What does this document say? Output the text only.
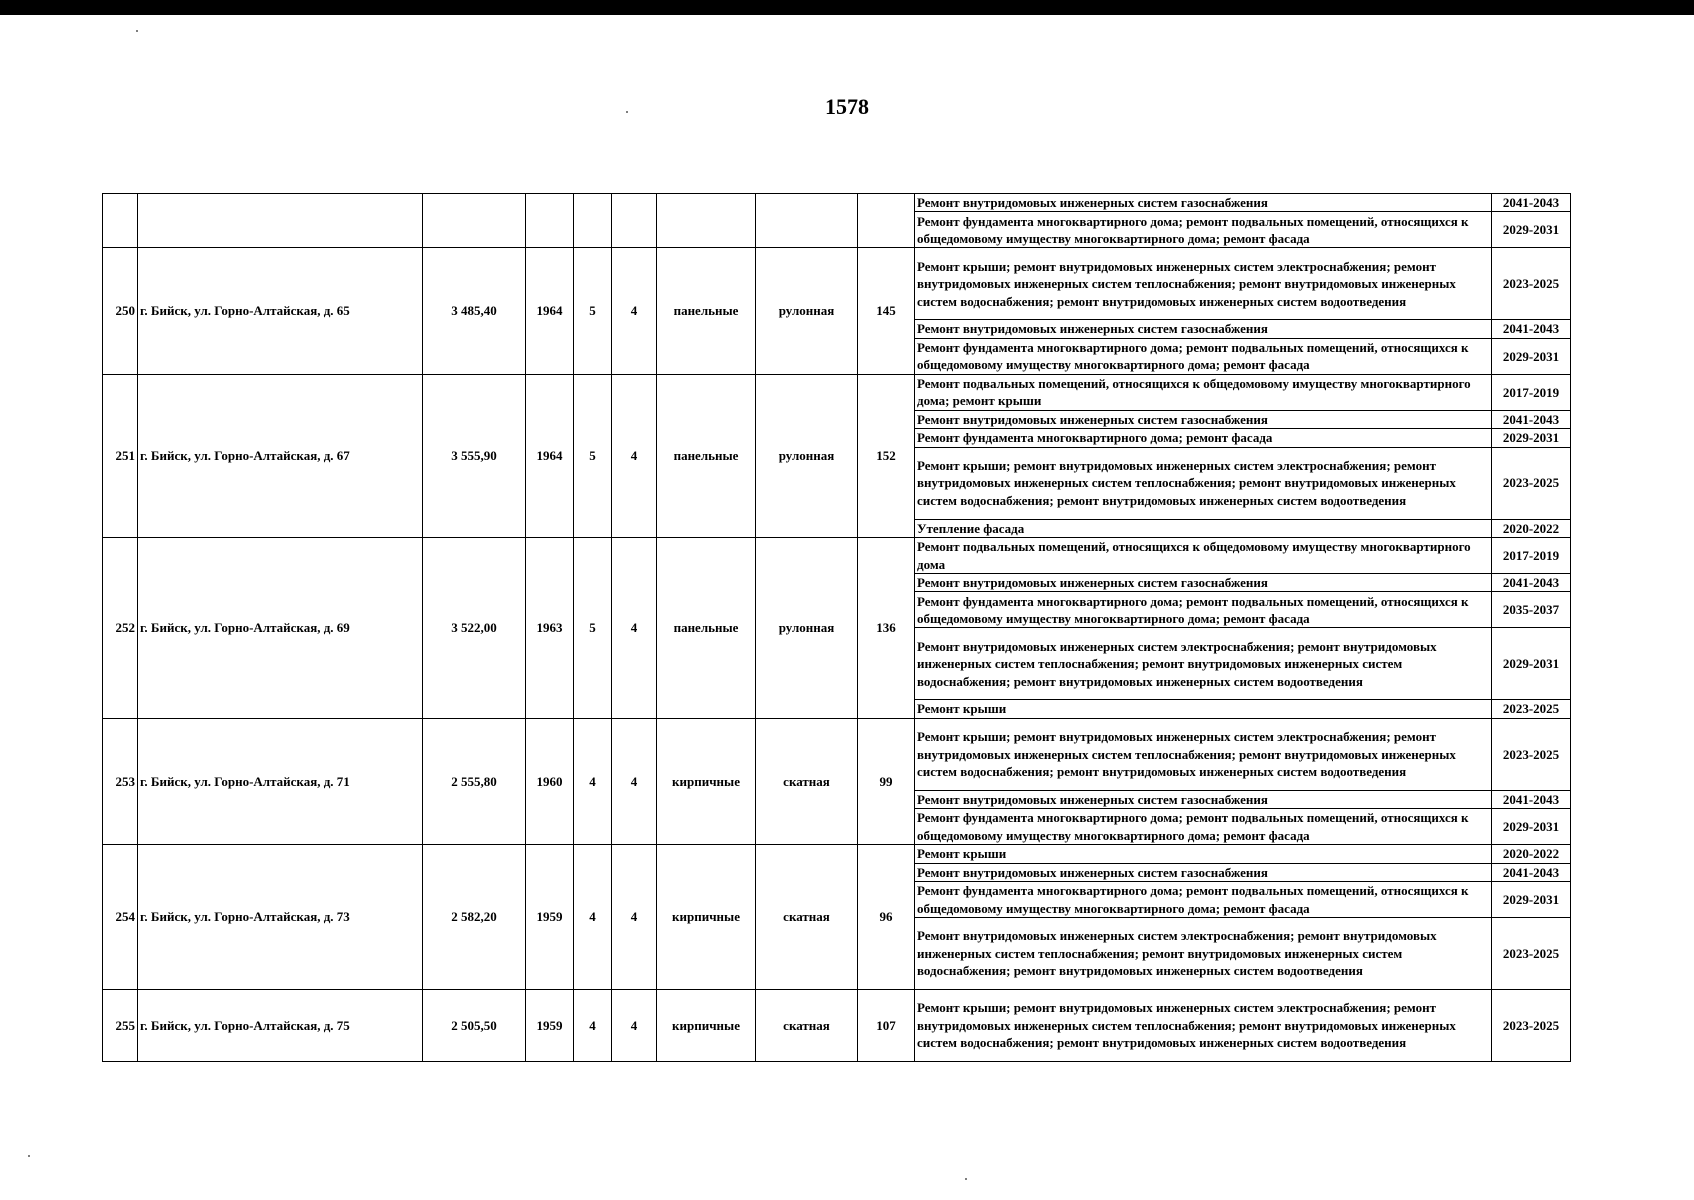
1578
									Ремонт внутридомовых инженерных систем газоснабжения	2041-2043
									Ремонт фундамента многоквартирного дома; ремонт подвальных помещений, относящихся к общедомовому имуществу многоквартирного дома; ремонт фасада	2029-2031
250	г. Бийск, ул. Горно-Алтайская, д. 65	3 485,40	1964	5	4	панельные	рулонная	145	Ремонт крыши; ремонт внутридомовых инженерных систем электроснабжения; ремонт внутридомовых инженерных систем теплоснабжения; ремонт внутридомовых инженерных систем водоснабжения; ремонт внутридомовых инженерных систем водоотведения	2023-2025
									Ремонт внутридомовых инженерных систем газоснабжения	2041-2043
									Ремонт фундамента многоквартирного дома; ремонт подвальных помещений, относящихся к общедомовому имуществу многоквартирного дома; ремонт фасада	2029-2031
251	г. Бийск, ул. Горно-Алтайская, д. 67	3 555,90	1964	5	4	панельные	рулонная	152	Ремонт подвальных помещений, относящихся к общедомовому имуществу многоквартирного дома; ремонт крыши	2017-2019
									Ремонт внутридомовых инженерных систем газоснабжения	2041-2043
									Ремонт фундамента многоквартирного дома; ремонт фасада	2029-2031
									Ремонт крыши; ремонт внутридомовых инженерных систем электроснабжения; ремонт внутридомовых инженерных систем теплоснабжения; ремонт внутридомовых инженерных систем водоснабжения; ремонт внутридомовых инженерных систем водоотведения	2023-2025
									Утепление фасада	2020-2022
252	г. Бийск, ул. Горно-Алтайская, д. 69	3 522,00	1963	5	4	панельные	рулонная	136	Ремонт подвальных помещений, относящихся к общедомовому имуществу многоквартирного дома	2017-2019
									Ремонт внутридомовых инженерных систем газоснабжения	2041-2043
									Ремонт фундамента многоквартирного дома; ремонт подвальных помещений, относящихся к общедомовому имуществу многоквартирного дома; ремонт фасада	2035-2037
									Ремонт внутридомовых инженерных систем электроснабжения; ремонт внутридомовых инженерных систем теплоснабжения; ремонт внутридомовых инженерных систем водоснабжения; ремонт внутридомовых инженерных систем водоотведения	2029-2031
									Ремонт крыши	2023-2025
253	г. Бийск, ул. Горно-Алтайская, д. 71	2 555,80	1960	4	4	кирпичные	скатная	99	Ремонт крыши; ремонт внутридомовых инженерных систем электроснабжения; ремонт внутридомовых инженерных систем теплоснабжения; ремонт внутридомовых инженерных систем водоснабжения; ремонт внутридомовых инженерных систем водоотведения	2023-2025
									Ремонт внутридомовых инженерных систем газоснабжения	2041-2043
									Ремонт фундамента многоквартирного дома; ремонт подвальных помещений, относящихся к общедомовому имуществу многоквартирного дома; ремонт фасада	2029-2031
254	г. Бийск, ул. Горно-Алтайская, д. 73	2 582,20	1959	4	4	кирпичные	скатная	96	Ремонт крыши	2020-2022
									Ремонт внутридомовых инженерных систем газоснабжения	2041-2043
									Ремонт фундамента многоквартирного дома; ремонт подвальных помещений, относящихся к общедомовому имуществу многоквартирного дома; ремонт фасада	2029-2031
									Ремонт внутридомовых инженерных систем электроснабжения; ремонт внутридомовых инженерных систем теплоснабжения; ремонт внутридомовых инженерных систем водоснабжения; ремонт внутридомовых инженерных систем водоотведения	2023-2025
255	г. Бийск, ул. Горно-Алтайская, д. 75	2 505,50	1959	4	4	кирпичные	скатная	107	Ремонт крыши; ремонт внутридомовых инженерных систем электроснабжения; ремонт внутридомовых инженерных систем теплоснабжения; ремонт внутридомовых инженерных систем водоснабжения; ремонт внутридомовых инженерных систем водоотведения	2023-2025
